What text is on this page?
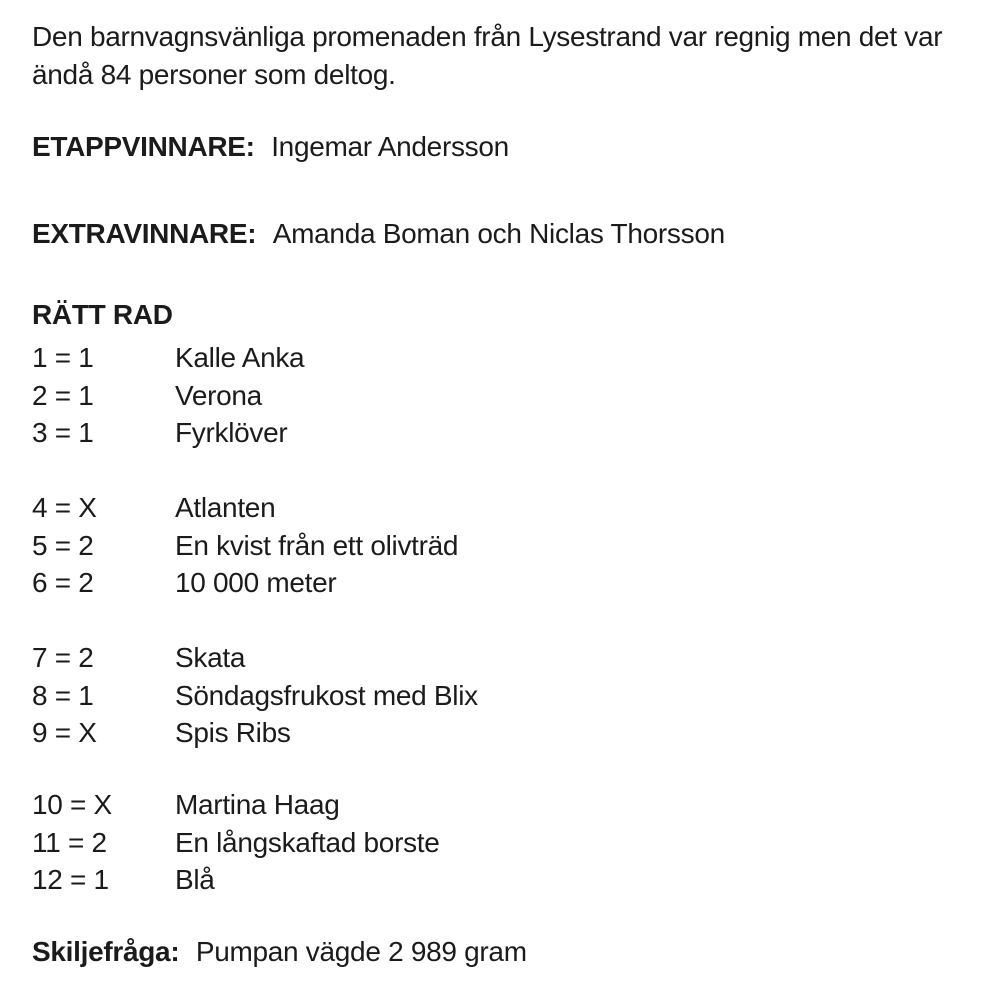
Den barnvagnsvänliga promenaden från Lysestrand var regnig men det var
ändå 84 personer som deltog.
ETAPPVINNARE: Ingemar Andersson
EXTRAVINNARE: Amanda Boman och Niclas Thorsson
RÄTT RAD
1 = 1	Kalle Anka
2 = 1	Verona
3 = 1	Fyrklöver
4 = X	Atlanten
5 = 2	En kvist från ett olivträd
6 = 2	10 000 meter
7 = 2	Skata
8 = 1	Söndagsfrukost med Blix
9 = X	Spis Ribs
10 = X Martina Haag
11 = 2 En långskaftad borste
12 = 1 Blå
Skiljefråga: Pumpan vägde 2 989 gram
